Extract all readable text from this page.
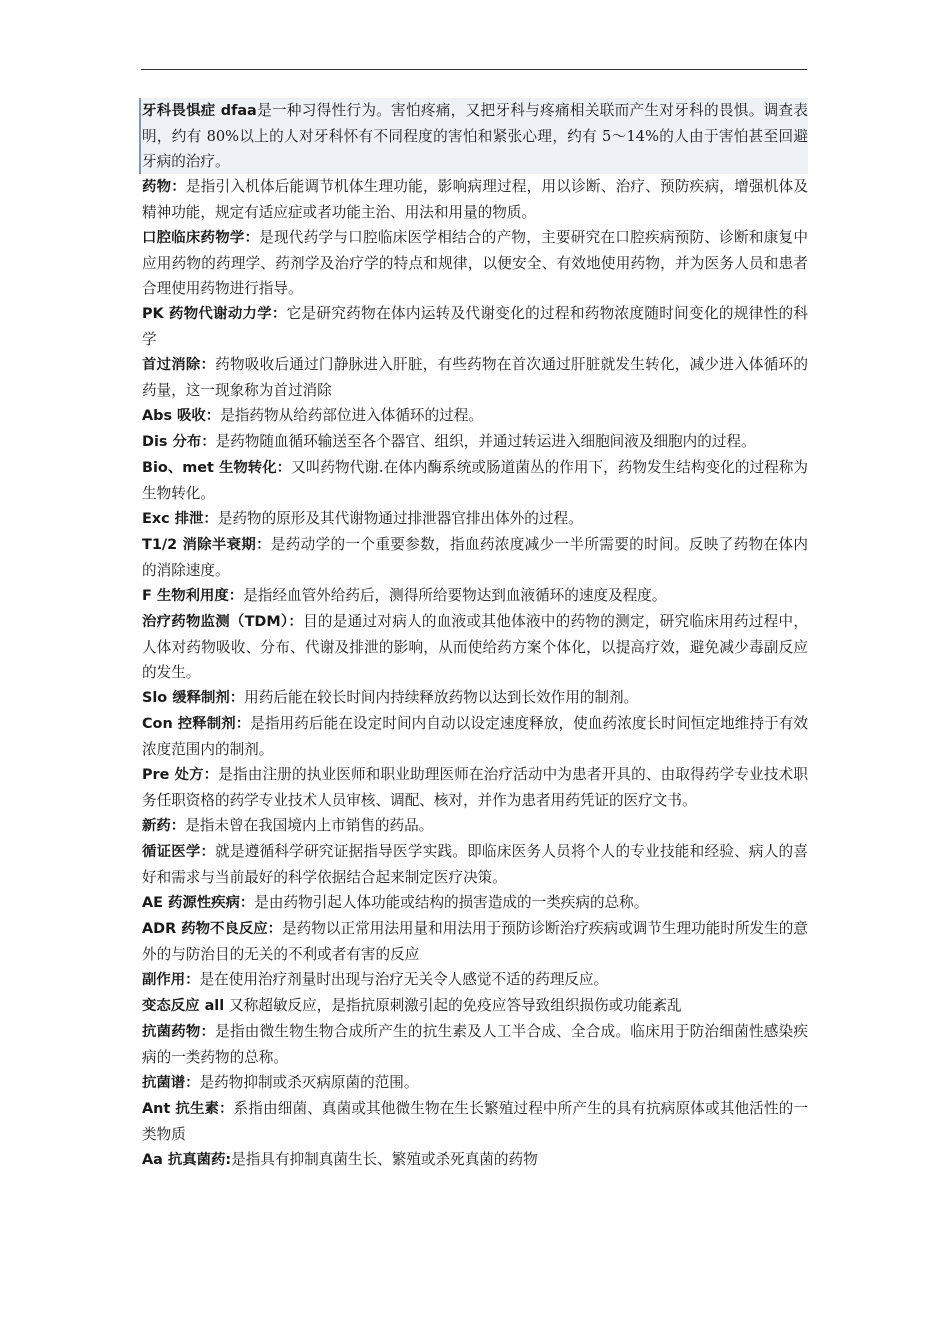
牙科畏惧症 dfaa是一种习得性行为。害怕疼痛，又把牙科与疼痛相关联而产生对牙科的畏惧。调查表明，约有 80%以上的人对牙科怀有不同程度的害怕和紧张心理，约有 5～14%的人由于害怕甚至回避牙病的治疗。

药物：是指引入机体后能调节机体生理功能，影响病理过程，用以诊断、治疗、预防疾病，增强机体及精神功能，规定有适应症或者功能主治、用法和用量的物质。

口腔临床药物学：是现代药学与口腔临床医学相结合的产物，主要研究在口腔疾病预防、诊断和康复中应用药物的药理学、药剂学及治疗学的特点和规律，以便安全、有效地使用药物，并为医务人员和患者合理使用药物进行指导。

PK 药物代谢动力学：它是研究药物在体内运转及代谢变化的过程和药物浓度随时间变化的规律性的科学

首过消除：药物吸收后通过门静脉进入肝脏，有些药物在首次通过肝脏就发生转化，减少进入体循环的药量，这一现象称为首过消除

Abs 吸收：是指药物从给药部位进入体循环的过程。

Dis 分布：是药物随血循环输送至各个器官、组织，并通过转运进入细胞间液及细胞内的过程。

Bio、met 生物转化：又叫药物代谢.在体内酶系统或肠道菌丛的作用下，药物发生结构变化的过程称为生物转化。

Exc 排泄：是药物的原形及其代谢物通过排泄器官排出体外的过程。

T1/2 消除半衰期：是药动学的一个重要参数，指血药浓度减少一半所需要的时间。反映了药物在体内的消除速度。

F 生物利用度：是指经血管外给药后，测得所给要物达到血液循环的速度及程度。

治疗药物监测（TDM）：目的是通过对病人的血液或其他体液中的药物的测定，研究临床用药过程中，人体对药物吸收、分布、代谢及排泄的影响，从而使给药方案个体化，以提高疗效，避免减少毒副反应的发生。

Slo 缓释制剂：用药后能在较长时间内持续释放药物以达到长效作用的制剂。

Con 控释制剂：是指用药后能在设定时间内自动以设定速度释放，使血药浓度长时间恒定地维持于有效浓度范围内的制剂。

Pre 处方：是指由注册的执业医师和职业助理医师在治疗活动中为患者开具的、由取得药学专业技术职务任职资格的药学专业技术人员审核、调配、核对，并作为患者用药凭证的医疗文书。

新药：是指未曾在我国境内上市销售的药品。

循证医学：就是遵循科学研究证据指导医学实践。即临床医务人员将个人的专业技能和经验、病人的喜好和需求与当前最好的科学依据结合起来制定医疗决策。

AE 药源性疾病：是由药物引起人体功能或结构的损害造成的一类疾病的总称。

ADR 药物不良反应：是药物以正常用法用量和用法用于预防诊断治疗疾病或调节生理功能时所发生的意外的与防治目的无关的不利或者有害的反应

副作用：是在使用治疗剂量时出现与治疗无关令人感觉不适的药理反应。

变态反应 all 又称超敏反应，是指抗原刺激引起的免疫应答导致组织损伤或功能紊乱

抗菌药物：是指由微生物生物合成所产生的抗生素及人工半合成、全合成。临床用于防治细菌性感染疾病的一类药物的总称。

抗菌谱：是药物抑制或杀灭病原菌的范围。

Ant 抗生素：系指由细菌、真菌或其他微生物在生长繁殖过程中所产生的具有抗病原体或其他活性的一类物质

Aa 抗真菌药:是指具有抑制真菌生长、繁殖或杀死真菌的药物
